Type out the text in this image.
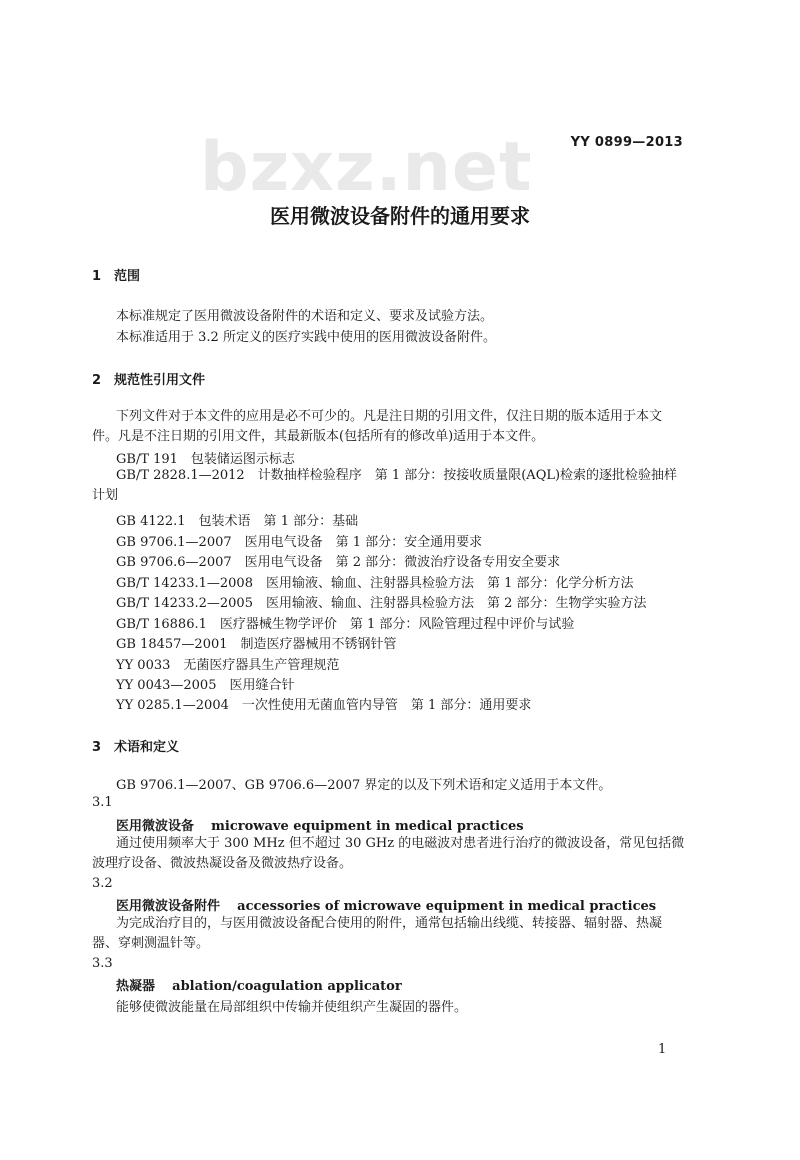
bzxz.net	YY 0899—2013
医用微波设备附件的通用要求
1　范围
本标准规定了医用微波设备附件的术语和定义、要求及试验方法。
本标准适用于 3.2 所定义的医疗实践中使用的医用微波设备附件。
2　规范性引用文件
下列文件对于本文件的应用是必不可少的。凡是注日期的引用文件，仅注日期的版本适用于本文件。凡是不注日期的引用文件，其最新版本(包括所有的修改单)适用于本文件。
GB/T 191　包装储运图示标志
GB/T 2828.1—2012　计数抽样检验程序　第 1 部分：按接收质量限(AQL)检索的逐批检验抽样计划
GB 4122.1　包装术语　第 1 部分：基础
GB 9706.1—2007　医用电气设备　第 1 部分：安全通用要求
GB 9706.6—2007　医用电气设备　第 2 部分：微波治疗设备专用安全要求
GB/T 14233.1—2008　医用输液、输血、注射器具检验方法　第 1 部分：化学分析方法
GB/T 14233.2—2005　医用输液、输血、注射器具检验方法　第 2 部分：生物学实验方法
GB/T 16886.1　医疗器械生物学评价　第 1 部分：风险管理过程中评价与试验
GB 18457—2001　制造医疗器械用不锈钢针管
YY 0033　无菌医疗器具生产管理规范
YY 0043—2005　医用缝合针
YY 0285.1—2004　一次性使用无菌血管内导管　第 1 部分：通用要求
3　术语和定义
GB 9706.1—2007、GB 9706.6—2007 界定的以及下列术语和定义适用于本文件。
3.1
医用微波设备　 microwave equipment in medical practices
通过使用频率大于 300 MHz 但不超过 30 GHz 的电磁波对患者进行治疗的微波设备，常见包括微波理疗设备、微波热凝设备及微波热疗设备。
3.2
医用微波设备附件　 accessories of microwave equipment in medical practices
为完成治疗目的，与医用微波设备配合使用的附件，通常包括输出线缆、转接器、辐射器、热凝器、穿刺测温针等。
3.3
热凝器　 ablation/coagulation applicator
能够使微波能量在局部组织中传输并使组织产生凝固的器件。
1
